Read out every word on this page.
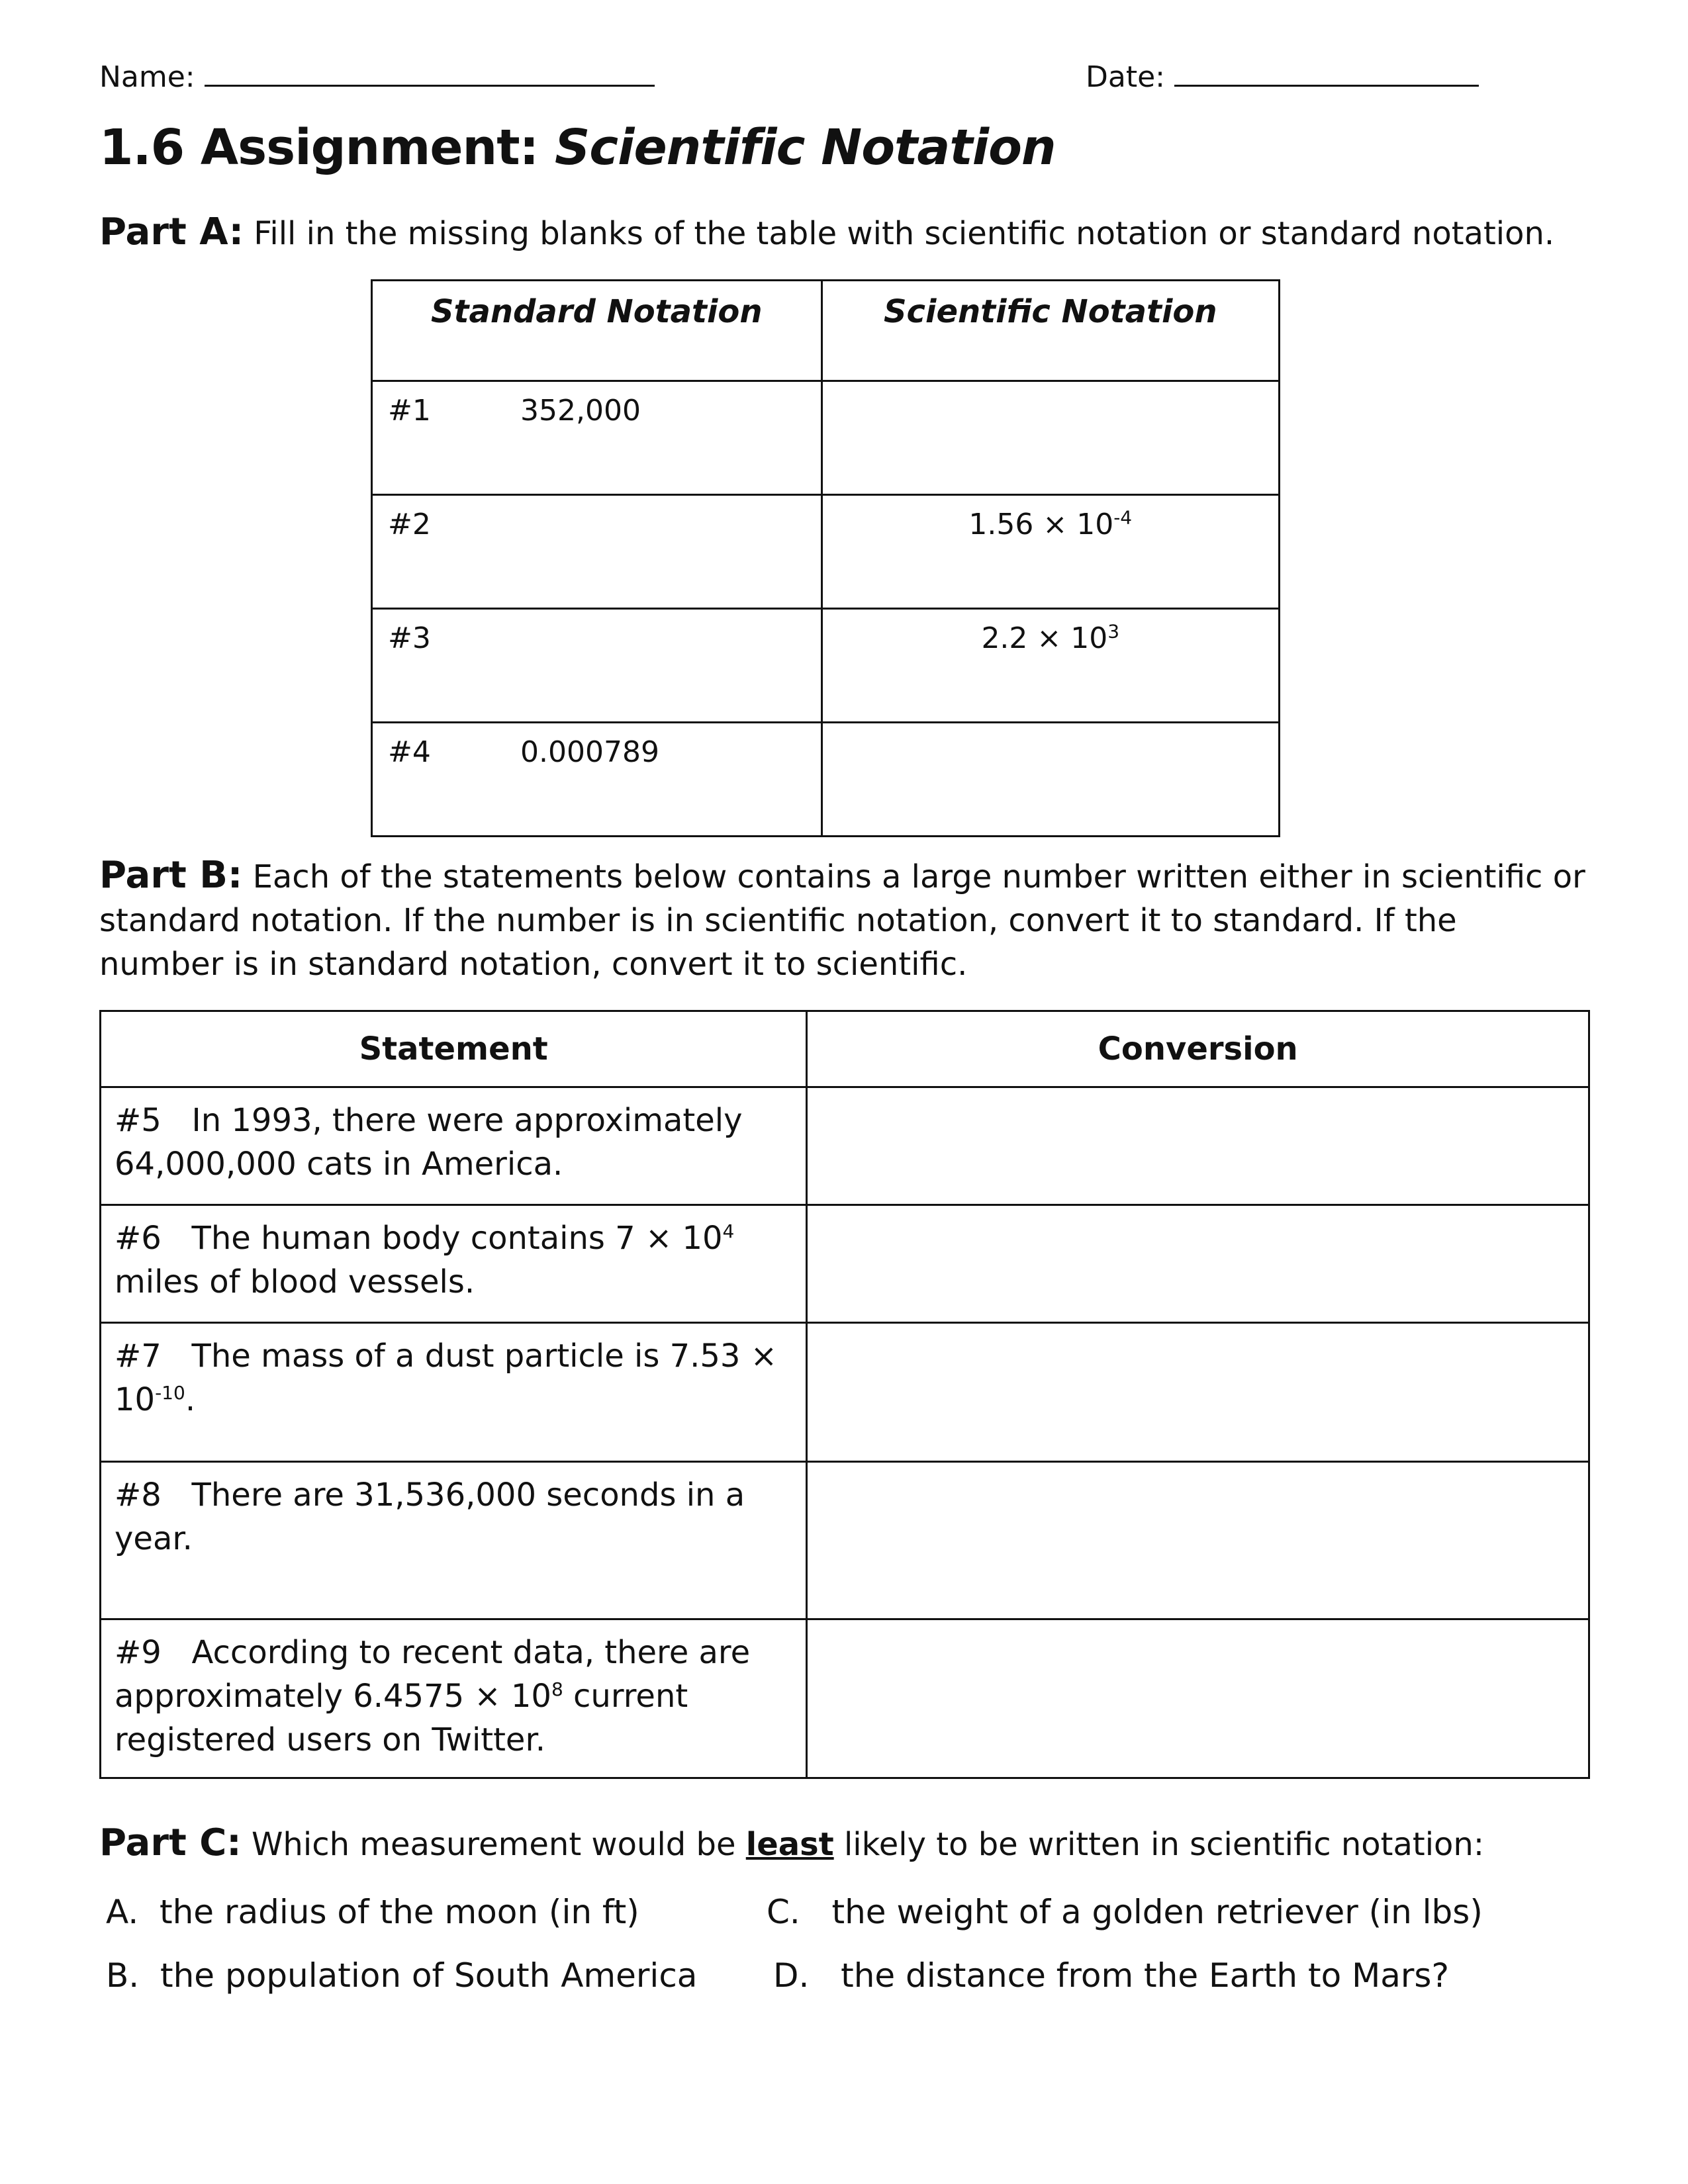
Name:	Date:
1.6 Assignment: Scientific Notation
Part A: Fill in the missing blanks of the table with scientific notation or standard notation.
Standard Notation	Scientific Notation
#1 352,000	
#2	$1.56 \times 10^{-4}$
#3	$2.2 \times 10^3$
#4 0.000789	
Part B: Each of the statements below contains a large number written either in scientific or standard notation. If the number is in scientific notation, convert it to standard. If the number is in standard notation, convert it to scientific.
Statement	Conversion
#5 In 1993, there were approximately 64,000,000 cats in America.	
#6 The human body contains $7 \times 10^4$ miles of blood vessels.	
#7 The mass of a dust particle is $7.53 \times 10^{-10}$.	
#8 There are 31,536,000 seconds in a year.	
#9 According to recent data, there are approximately $6.4575 \times 10^8$ current registered users on Twitter.	
Part C: Which measurement would be least likely to be written in scientific notation:
A. the radius of the moon (in ft)
B. the population of South America
C. the weight of a golden retriever (in lbs)
D. the distance from the Earth to Mars?
